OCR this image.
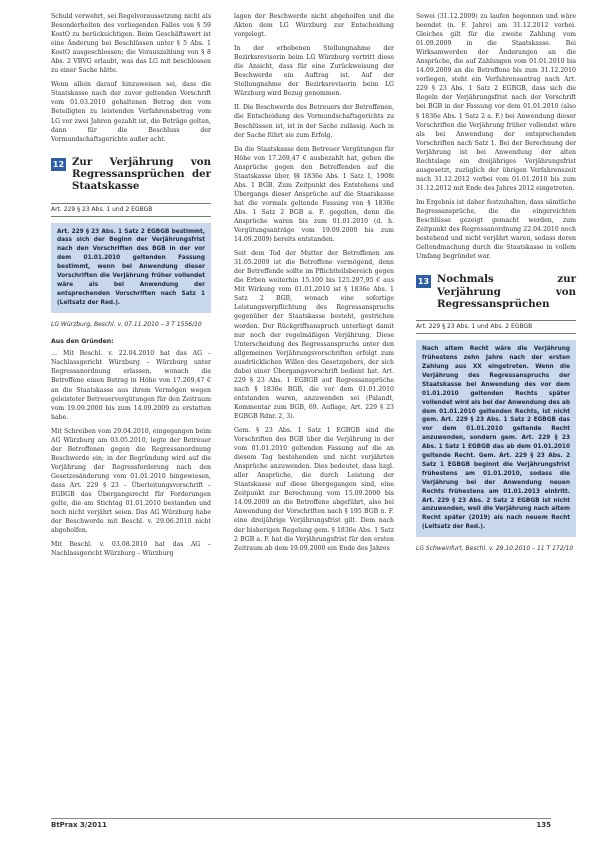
Schuld verwehrt, sei Regelvoraussetzung nicht als Besonderheiten des vorliegenden Falles von § 59 KostO zu berücksichtigen. Beim Geschäftswert ist eine Änderung bei Beschlüssen unter § 5 Abs. 1 KostO ausgeschlossen; die Vorauszahlung von § 8 Abs. 2 VBVG erlaubt, was das LG mit beschlossen zu einer Sache hätte.

Wenn allein darauf hinzuweisen sei, dass die Staatskasse nach der zuvor geltenden Vorschrift vom 01.03.2010 gehaltenen Betrag den vom Beteiligten zu leistenden Verfahrensbetrag vom LG vor zwei Jahren gezahlt ist, die Beträge gelten, dann für die Beschluss der Vormundschaftsgerichte außer acht.

12 Zur Verjährung von Regressansprüchen der Staatskasse
Art. 229 § 23 Abs. 1 und 2 EGBGB
Art. 229 § 23 Abs. 1 Satz 2 EGBGB bestimmt, dass sich der Beginn der Verjährungsfrist nach den Vorschriften des BGB in der vor dem 01.01.2010 geltenden Fassung bestimmt, wenn bei Anwendung dieser Vorschriften die Verjährung früher vollendet wäre als bei Anwendung der entsprechenden Vorschriften nach Satz 1 (Leitsatz der Red.).
LG Würzburg, Beschl. v. 07.11.2010 – 3 T 1556/10
Aus den Gründen:

… Mit Beschl. v. 22.04.2010 hat das AG – Nachlassgericht Würzburg – Würzburg unter Regressanordnung erlassen, wonach die Betroffene einen Betrag in Höhe von 17.269,47 € an die Staatskasse aus ihrem Vermögen wegen geleisteter Betreuervergütungen für den Zeitraum vom 19.09.2000 bis zum 14.09.2009 zu erstatten habe.

Mit Schreiben vom 29.04.2010, eingegangen beim AG Würzburg am 03.05.2010, legte der Betreuer der Betroffenen gegen die Regressanordnung Beschwerde ein; in der Begründung wird auf die Verjährung der Regressforderung nach den Gesetzesänderung vom 01.01.2010 hingewiesen, dass Art. 229 § 23 – Überleitungsvorschrift – EGBGB das Übergangsrecht für Forderungen gelte, die am Stichtag 01.01.2010 bestanden und noch nicht verjährt seien. Das AG Würzburg habe der Beschwerde mit Beschl. v. 29.06.2010 nicht abgeholfen.

Mit Beschl. v. 03.08.2010 hat das AG – Nachlassgericht Würzburg – Würzburg

lagen der Beschwerde nicht abgeholfen und die Akten dem LG Würzburg zur Entscheidung vorgelegt.

In der erhobenen Stellungnahme der Bezirksrevisorin beim LG Würzburg vertritt diese die Ansicht, dass für eine Zurückweisung der Beschwerde ein Auftrag ist. Auf der Stellungnahme der Bezirksrevisorin beim LG Würzburg wird Bezug genommen.

II. Die Beschwerde des Betreuers der Betroffenen, die Entscheidung des Vormundschaftsgerichts zu Beschlüssen ist, ist in der Sache zulässig. Auch in der Sache führt sie zum Erfolg.

Da die Staatskasse dem Betreuer Vergütungen für Höhe von 17.269,47 € ausbezahlt hat, gehen die Ansprüche gegen den Betreffenden auf die Staatskasse über, §§ 1836e Abs. 1 Satz 1, 1908i Abs. 1 BGB. Zum Zeitpunkt des Entstehens und Übergangs dieser Ansprüche auf die Staatskasse hat die vormals geltende Fassung von § 1836e Abs. 1 Satz 2 BGB a. F. gegolten, denn die Ansprüche waren bis zum 01.01.2010 (d. h. Vergütungsanträge vom 19.09.2000 bis zum 14.09.2009) bereits entstanden.

Seit dem Tod der Mutter der Betroffenen am 31.05.2009 ist die Betroffene vermögend, denn der Betreffende sollte im Pflichtteilsbereich gegen die Erben weiterhin 15.100 bis 125.297,95 € aus Mit Wirkung vom 01.01.2010 ist § 1836e Abs. 1 Satz 2 BGB, wonach eine sofortige Leistungsverpflichtung des Regressanspruchs gegenüber der Staatskasse besteht, gestrichen worden. Der Rückgriffsanspruch unterliegt damit nur noch der regelmäßigen Verjährung. Diese Unterscheidung des Regressanspruchs unter den allgemeinen Verjährungsvorschriften erfolgt zum ausdrücklichen Willen des Gesetzgebers, der sich dabei einer Übergangsvorschrift bedient hat. Art. 229 § 23 Abs. 1 EGBGB auf Regressansprüche nach § 1836e BGB, die vor dem 01.01.2010 entstanden waren, anzuwenden sei (Palandt, Kommentar zum BGB, 69. Auflage, Art. 229 § 23 EGBGB Rdnr. 2, 3).

Gem. § 23 Abs. 1 Satz 1 EGBGB sind die Vorschriften des BGB über die Verjährung in der vom 01.01.2010 geltenden Fassung auf die an diesem Tag bestehenden und nicht verjährten Ansprüche anzuwenden. Dies bedeutet, dass bzgl. aller Ansprüche, die durch Leistung der Staatskasse auf diese übergegangen sind, eine Zeitpunkt zur Berechnung vom 15.09.2000 bis 14.09.2009 an die Betroffene abgeführt, also bei Anwendung der Vorschriften nach § 195 BGB n. F. eine dreijährige Verjährungsfrist gilt. Dem nach der bisherigen Regelung gem. § 1836e Abs. 1 Satz 2 BGB a. F. hat die Verjährungsfrist für den ersten Zeitraum ab dem 19.09.2000 ein Ende des Jahres

Sewei (31.12.2009) zu laufen begonnen und wäre beendet (n. F. Jahre) am 31.12.2012 vorbei. Gleiches gilt für die zweite Zahlung vom 01.09.2009 in die Staatskasse. Bei Wirksamwerden der Änderungen an die Ansprüche, die auf Zahlungen vom 01.01.2010 bis 14.09.2009 an die Betroffene bis zum 31.12.2010 vorliegen, steht ein Verfahrensantrag nach Art. 229 § 23 Abs. 1 Satz 2 EGBGB, dass sich die Regeln der Verjährungsfrist nach der Vorschrift bei BGB in der Fassung vor dem 01.01.2010 (also § 1836e Abs. 1 Satz 2 a. F.) bei Anwendung dieser Vorschriften die Verjährung früher vollendet wäre als bei Anwendung der entsprechenden Vorschriften nach Satz 1. Bei der Berechnung der Verjährung ist bei Anwendung der alten Rechtslage ein dreijähriges Verjährungsfrist ausgesetzt, zuzüglich der übrigen Verfahrenszeit nach 31.12.2012 vorbei vom 01.01.2010 bis zum 31.12.2012 mit Ende des Jahres 2012 eingetreten.

Im Ergebnis ist daher festzuhalten, dass sämtliche Regressansprüche, die die eingereichten Beschlüsse gezeigt gemacht werden, zum Zeitpunkt des Regressanordnung 22.04.2010 noch bestehend und nicht verjährt waren, sodass deren Geltendmachung durch die Staatskasse in vollem Umfang begründet war.

13 Nochmals zur Verjährung von Regressansprüchen
Art. 229 § 23 Abs. 1 und Abs. 2 EGBGB
Nach altem Recht wäre die Verjährung frühestens zehn Jahre nach der ersten Zahlung aus XX eingetreten. Wenn die Verjährung des Regressanspruchs der Staatskasse bei Anwendung des vor dem 01.01.2010 geltenden Rechts später vollendet wird als bei der Anwendung des ab dem 01.01.2010 geltenden Rechts, ist nicht gem. Art. 229 § 23 Abs. 1 Satz 2 EGBGB das vor dem 01.01.2010 geltende Recht anzuwenden, sondern gem. Art. 229 § 23 Abs. 1 Satz 1 EGBGB das ab dem 01.01.2010 geltende Recht. Gem. Art. 229 § 23 Abs. 2 Satz 1 EGBGB beginnt die Verjährungsfrist frühestens am 01.01.2010, sodass die Verjährung bei der Anwendung neuen Rechts frühestens am 01.01.2013 eintritt. Art. 229 § 23 Abs. 2 Satz 2 EGBGB ist nicht anzuwenden, weil die Verjährung nach altem Recht später (2019) als nach neuem Recht (Leitsatz der Red.).
LG Schweinfurt, Beschl. v. 29.10.2010 – 11 T 172/10
BtPrax 3/2011	135
